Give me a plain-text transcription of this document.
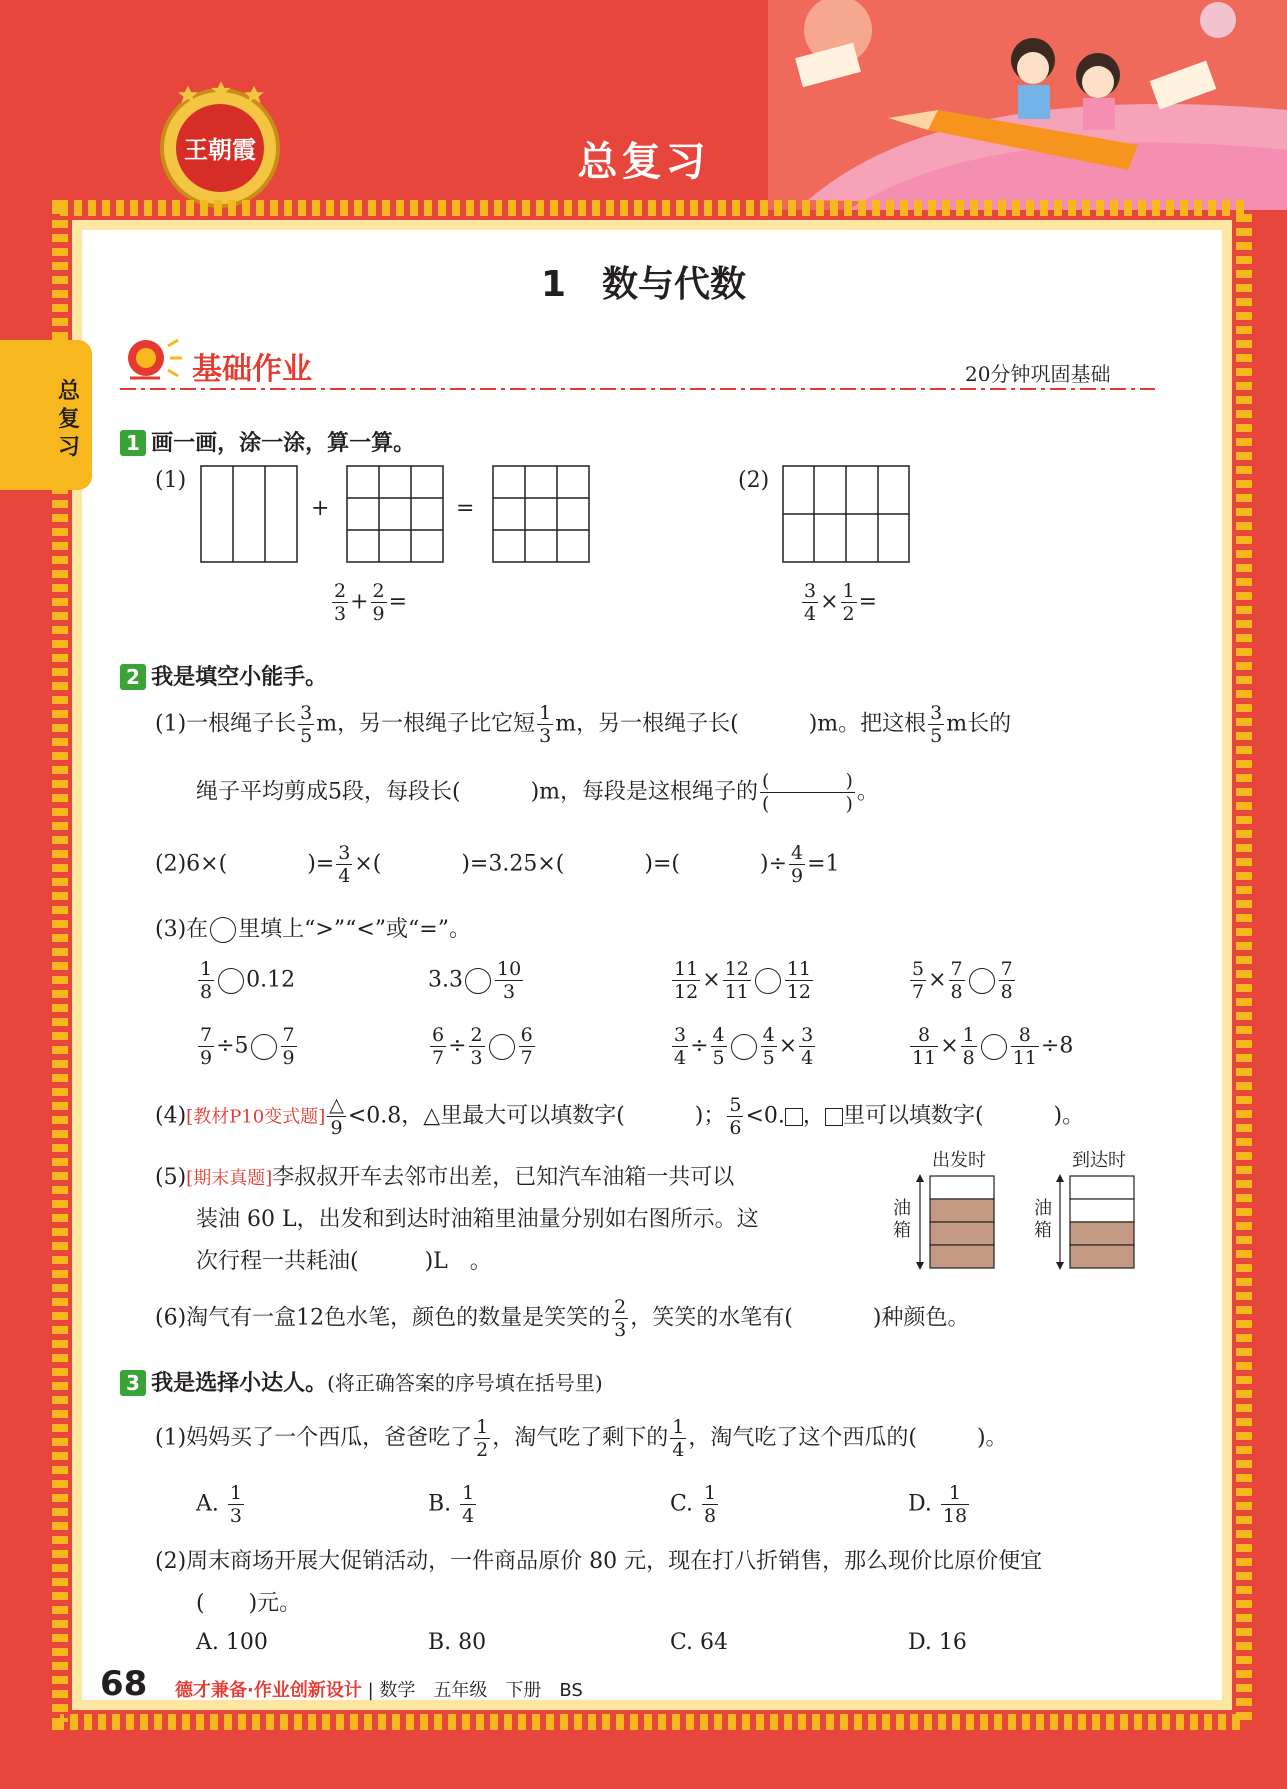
王朝霞	总复习
总复习
1　数与代数
基础作业	20分钟巩固基础
1 画一画，涂一涂，算一算。
(1)
+	=
$\frac{2}{3} + \frac{2}{9}$ =
(2)
$\frac{3}{4} \times \frac{1}{2}$ =
2 我是填空小能手。
(1)一根绳子长 $\frac{3}{5}$ m，另一根绳子比它短 $\frac{1}{3}$ m，另一根绳子长(	)m。把这根 $\frac{3}{5}$ m长的
绳子平均剪成5段，每段长(	)m，每段是这根绳子的 $\frac{( )}{( )}$ 。
(2)6×(	)= $\frac{3}{4}$ ×(	)=3.25×(	)=(	)÷ $\frac{4}{9} =1$
(3)在 里填上“>”“<”或“=”。
$\frac{1}{8} 0.12$	$3.3 \frac{10}{3}$	$\frac{11}{12} \times \frac{12}{11} \frac{11}{12}$	$\frac{5}{7} \times \frac{7}{8} \frac{7}{8}$
$\frac{7}{9} \div 5 \frac{7}{9}$	$\frac{6}{7} \div \frac{2}{3} \frac{6}{7}$	$\frac{3}{4} \div \frac{4}{5} \frac{4}{5} \times \frac{3}{4}$	$\frac{8}{11} \times \frac{1}{8} \frac{8}{11} \div 8$
(4)[教材P10变式题] $\frac{\triangle}{9} <0.8$，△里最大可以填数字(	)； $\frac{5}{6} <0$. ， 里可以填数字(	)。
(5)[期末真题]李叔叔开车去邻市出差，已知汽车油箱一共可以
装油 60 L，出发和到达时油箱里油量分别如右图所示。这
次行程一共耗油(　　　)L　。
出发时	到达时
油箱
油箱
(6)淘气有一盒12色水笔，颜色的数量是笑笑的 $\frac{2}{3}$ ，笑笑的水笔有(	)种颜色。
3 我是选择小达人。(将正确答案的序号填在括号里)
(1)妈妈买了一个西瓜，爸爸吃了 $\frac{1}{2}$ ，淘气吃了剩下的 $\frac{1}{4}$ ，淘气吃了这个西瓜的(	)。
A. $\frac{1}{3}$	B. $\frac{1}{4}$	C. $\frac{1}{8}$	D. $\frac{1}{18}$
(2)周末商场开展大促销活动，一件商品原价 80 元，现在打八折销售，那么现价比原价便宜
(　　)元。
A. 100	B. 80	C. 64	D. 16
68 德才兼备·作业创新设计 | 数学　五年级　下册　BS
